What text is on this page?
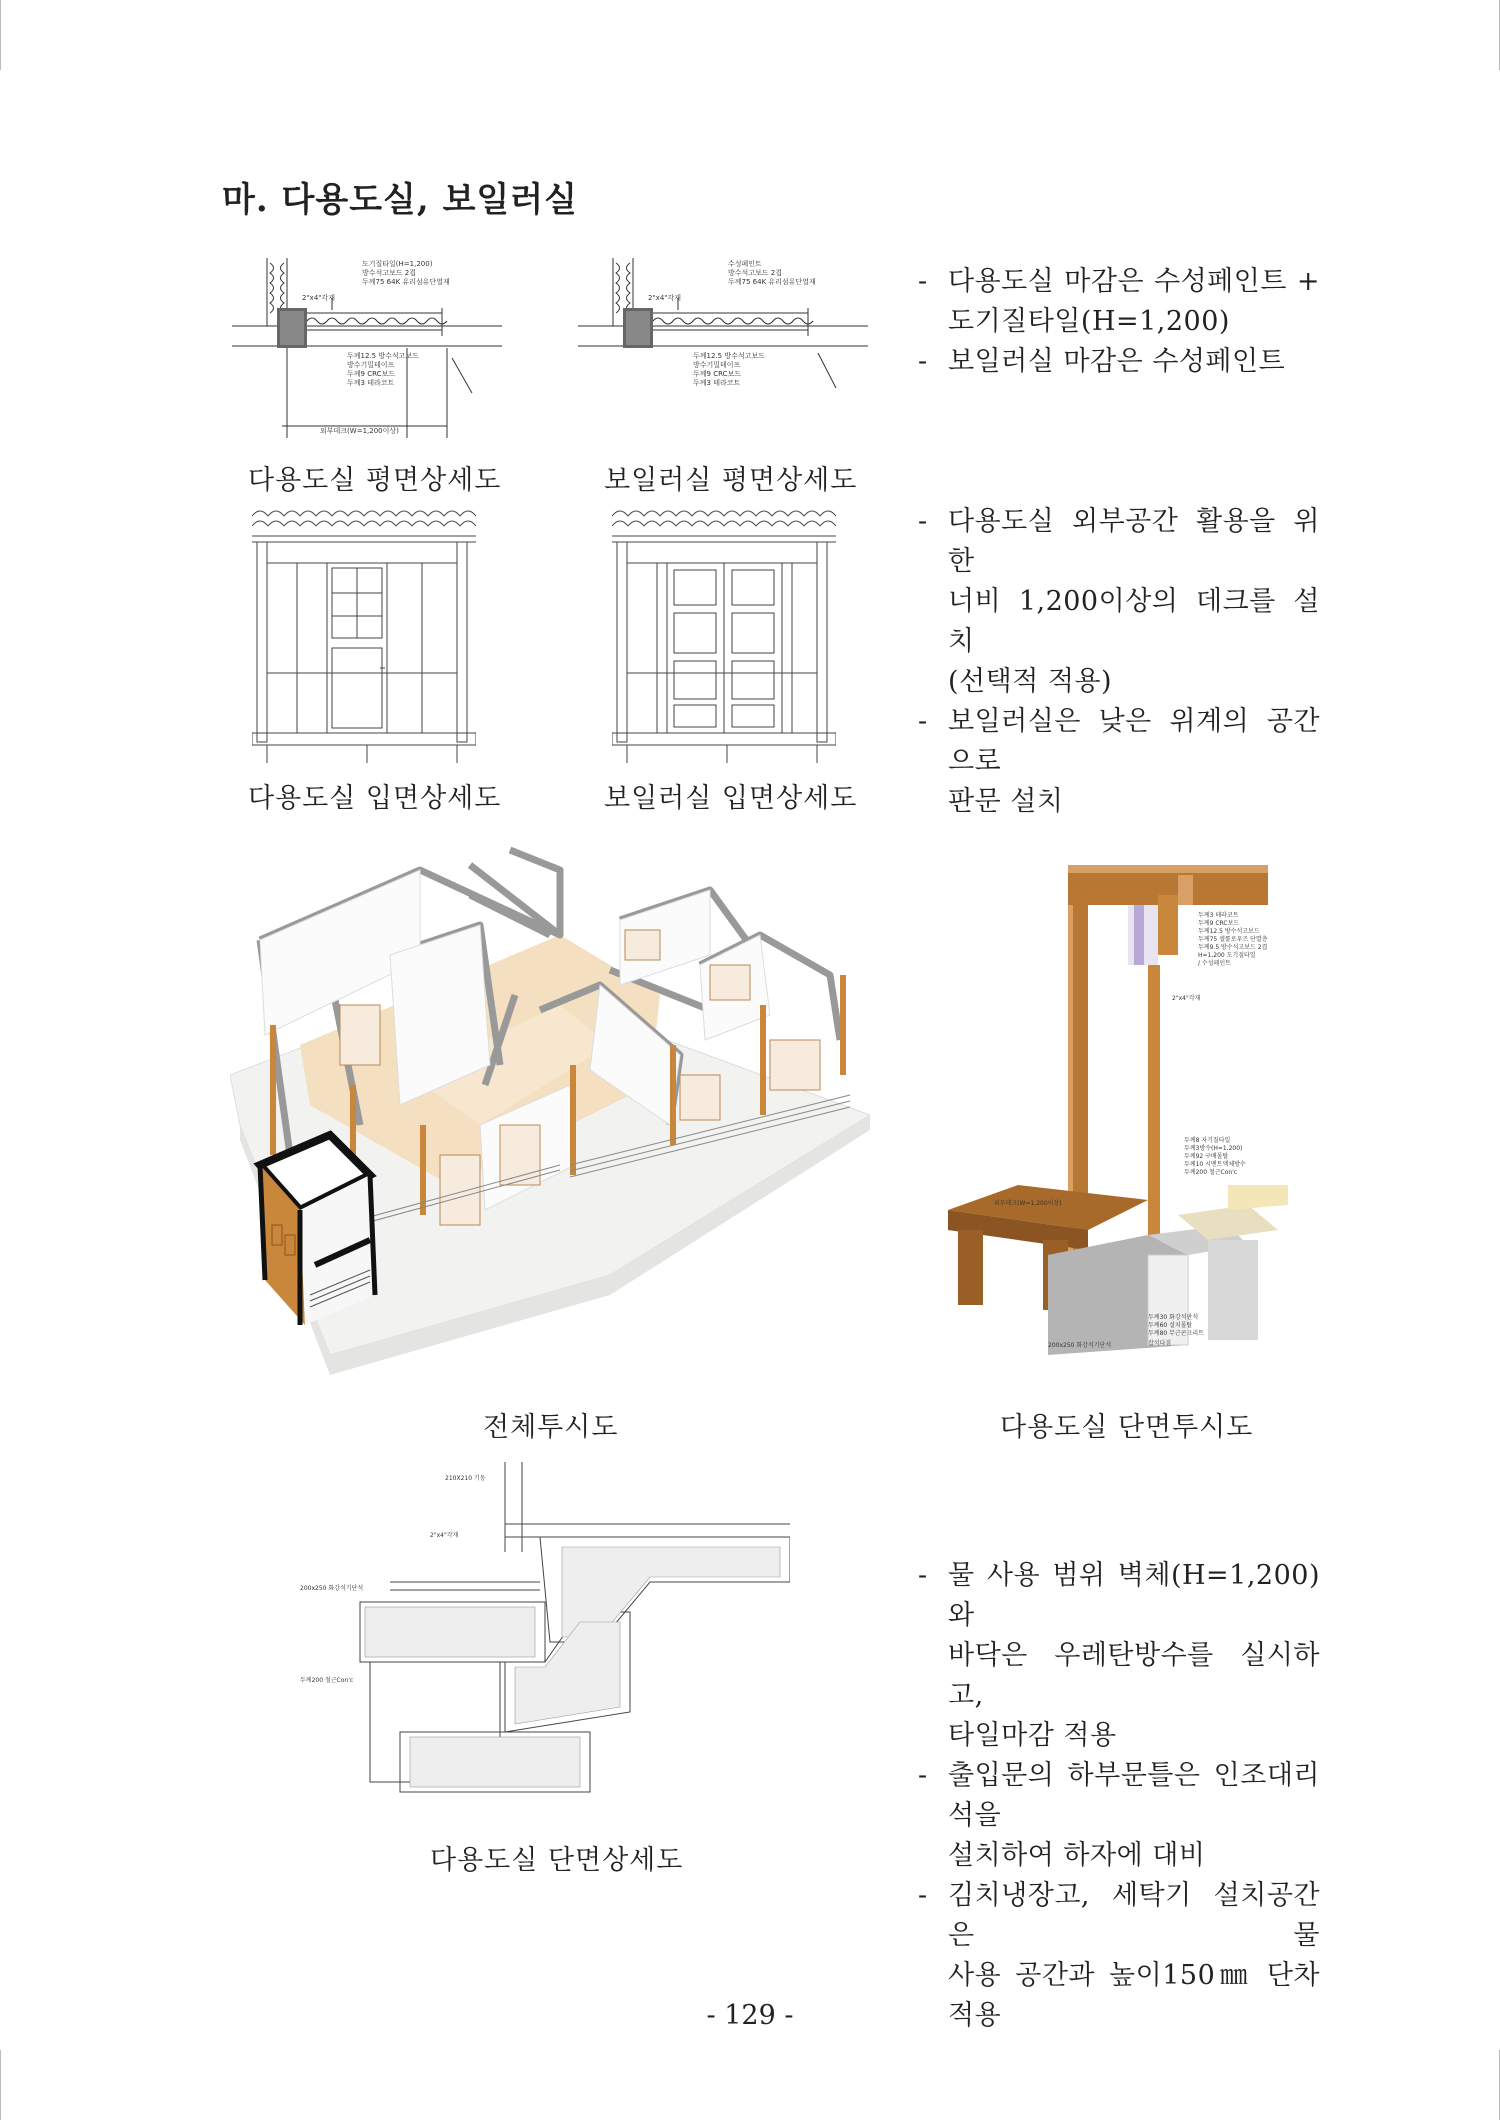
마. 다용도실, 보일러실
도기질타일(H=1,200)
방수석고보드 2겹
두께75 64K 유리섬유단열재
2"x4"각재
두께12.5 방수석고보드
방수기밀테이프
두께9 CRC보드
두께3 테라코트
외부데크(W=1,200이상)
다용도실 평면상세도
수성페인트
방수석고보드 2겹
두께75 64K 유리섬유단열재
2"x4"각재
두께12.5 방수석고보드
방수기밀테이프
두께9 CRC보드
두께3 테라코트
보일러실 평면상세도
- 다용도실 마감은 수성페인트 +
도기질타일(H=1,200)
- 보일러실 마감은 수성페인트
다용도실 입면상세도	보일러실 입면상세도
- 다용도실 외부공간 활용을 위한
너비 1,200이상의 데크를 설치
(선택적 적용)
- 보일러실은 낮은 위계의 공간으로
판문 설치
전체투시도
두께3 테라코트
두께9 CRC보드
두께12.5 방수석고보드
두께75 셀룰로우즈 단열층
두께9.5 방수석고보드 2겹
H=1,200 도기질타일
/ 수성페인트
2"x4"각재
두께8 자기질타일
두께3방수(H=1,200)
두께92 구배몰탈
두께10 시멘트액체방수
두께200 철근Con'c
외부데크(W=1,200이상)
두께30 화강석판석
두께60 설치몰탈
두께80 무근콘크리트
200x250 화강석기단석	잡석다짐
다용도실 단면투시도
210X210 기둥
2"x4"각재
200x250 화강석기단석
두께200 철근Con'c
다용도실 단면상세도
- 물 사용 범위 벽체(H=1,200)와
바닥은 우레탄방수를 실시하고,
타일마감 적용
- 출입문의 하부문틀은 인조대리석을
설치하여 하자에 대비
- 김치냉장고, 세탁기 설치공간은 물
사용 공간과 높이150㎜ 단차 적용
- 129 -
